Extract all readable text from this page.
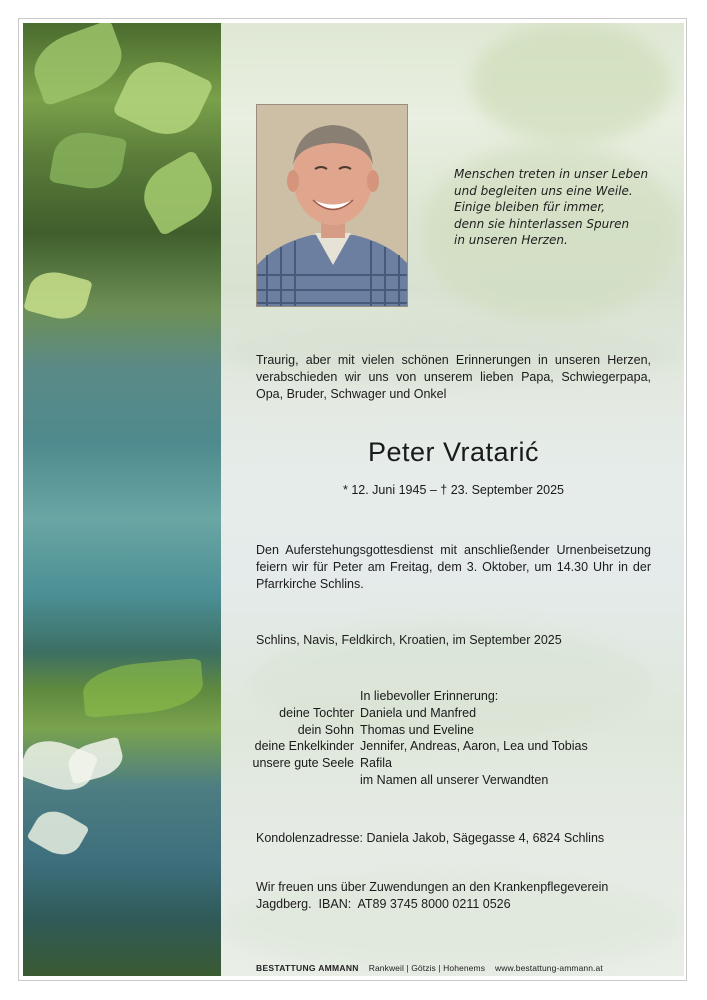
Menschen treten in unser Leben
und begleiten uns eine Weile.
Einige bleiben für immer,
denn sie hinterlassen Spuren
in unseren Herzen.
Traurig, aber mit vielen schönen Erinnerungen in unseren Herzen, verabschieden wir uns von unserem lieben Papa, Schwiegerpapa, Opa, Bruder, Schwager und Onkel
Peter Vratarić
* 12. Juni 1945 – † 23. September 2025
Den Auferstehungsgottesdienst mit anschließender Urnenbeisetzung feiern wir für Peter am Freitag, dem 3. Oktober, um 14.30 Uhr in der Pfarrkirche Schlins.
Schlins, Navis, Feldkirch, Kroatien, im September 2025
In liebevoller Erinnerung:
deine Tochter Daniela und Manfred
dein Sohn Thomas und Eveline
deine Enkelkinder Jennifer, Andreas, Aaron, Lea und Tobias
unsere gute Seele Rafila
im Namen all unserer Verwandten
Kondolenzadresse: Daniela Jakob, Sägegasse 4, 6824 Schlins
Wir freuen uns über Zuwendungen an den Krankenpflegeverein
Jagdberg.  IBAN:  AT89 3745 8000 0211 0526
BESTATTUNG AMMANN Rankweil | Götzis | Hohenems www.bestattung-ammann.at
